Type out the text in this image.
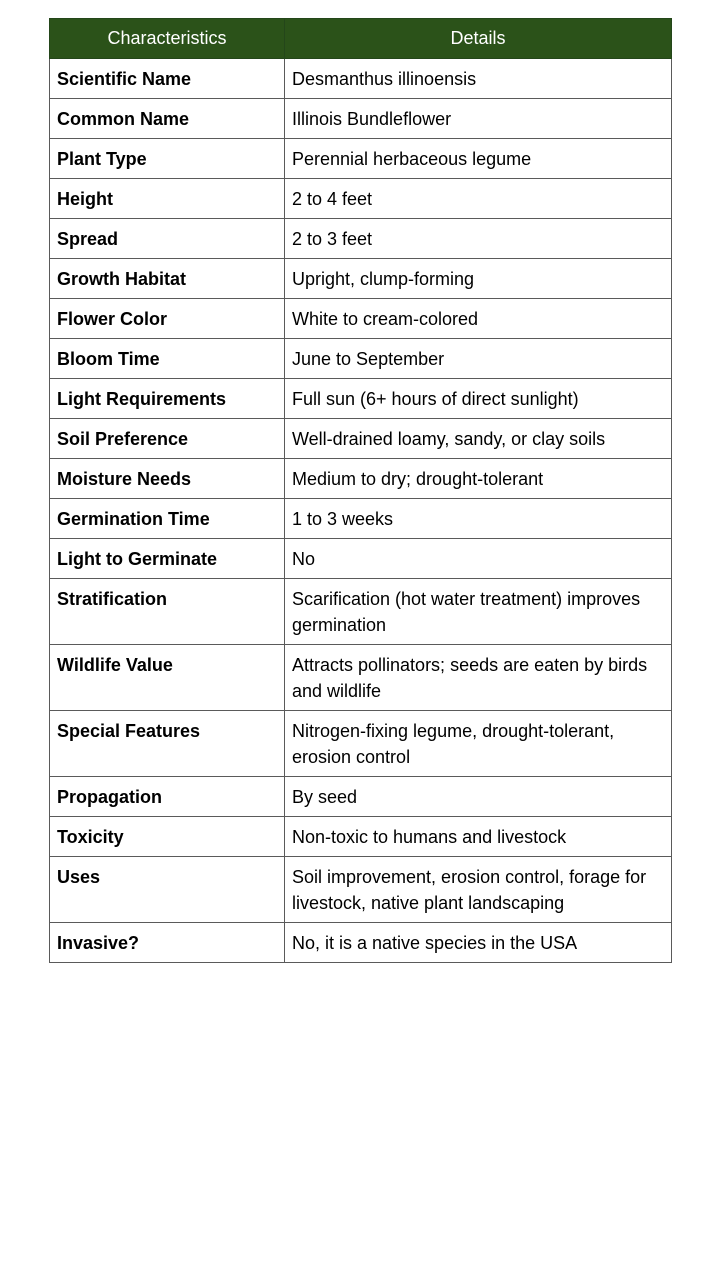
Characteristics	Details
Scientific Name	Desmanthus illinoensis
Common Name	Illinois Bundleflower
Plant Type	Perennial herbaceous legume
Height	2 to 4 feet
Spread	2 to 3 feet
Growth Habitat	Upright, clump-forming
Flower Color	White to cream-colored
Bloom Time	June to September
Light Requirements	Full sun (6+ hours of direct sunlight)
Soil Preference	Well-drained loamy, sandy, or clay soils
Moisture Needs	Medium to dry; drought-tolerant
Germination Time	1 to 3 weeks
Light to Germinate	No
Stratification	Scarification (hot water treatment) improves germination
Wildlife Value	Attracts pollinators; seeds are eaten by birds and wildlife
Special Features	Nitrogen-fixing legume, drought-tolerant, erosion control
Propagation	By seed
Toxicity	Non-toxic to humans and livestock
Uses	Soil improvement, erosion control, forage for livestock, native plant landscaping
Invasive?	No, it is a native species in the USA
